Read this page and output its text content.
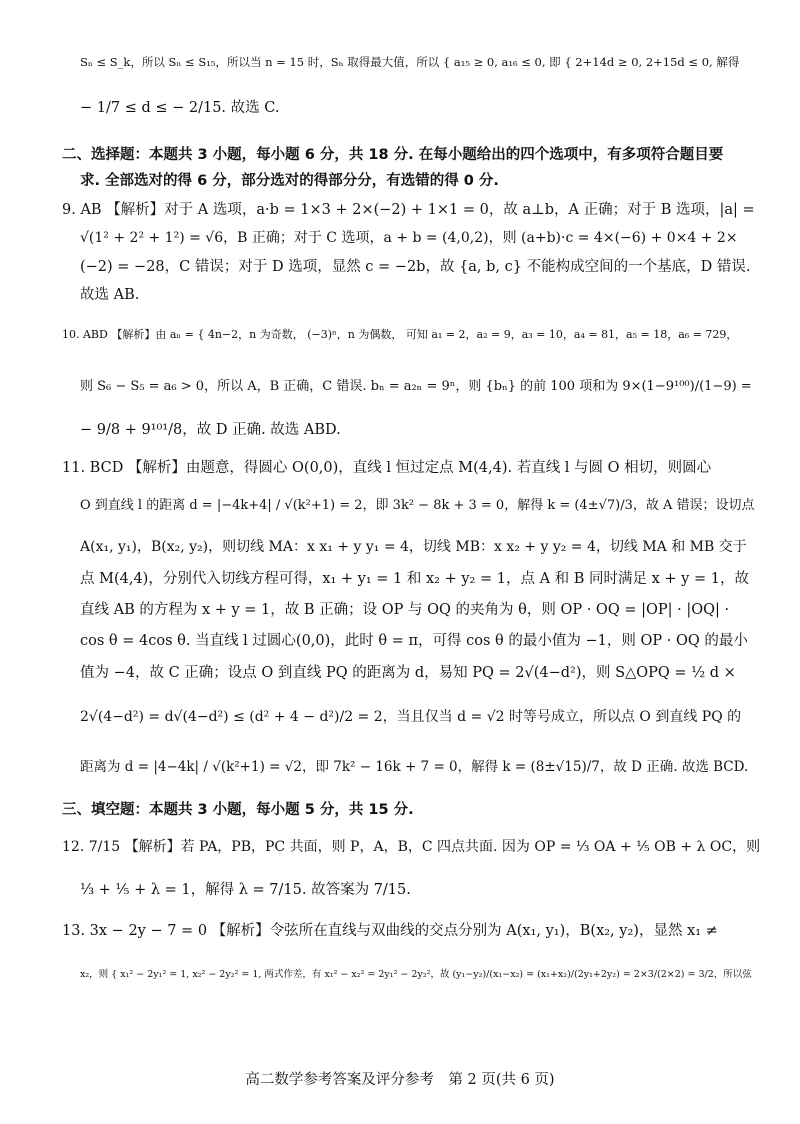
Sₙ ≤ S_k，所以 Sₙ ≤ S₁₅，所以当 n = 15 时，Sₙ 取得最大值，所以 { a₁₅ ≥ 0, a₁₆ ≤ 0, 即 { 2+14d ≥ 0, 2+15d ≤ 0, 解得
− 1/7 ≤ d ≤ − 2/15. 故选 C.
二、选择题：本题共 3 小题，每小题 6 分，共 18 分. 在每小题给出的四个选项中，有多项符合题目要
求. 全部选对的得 6 分，部分选对的得部分分，有选错的得 0 分.
9. AB 【解析】对于 A 选项，a·b = 1×3 + 2×(−2) + 1×1 = 0，故 a⊥b，A 正确；对于 B 选项，|a| =
√(1² + 2² + 1²) = √6，B 正确；对于 C 选项，a + b = (4,0,2)，则 (a+b)·c = 4×(−6) + 0×4 + 2×
(−2) = −28，C 错误；对于 D 选项，显然 c = −2b，故 {a, b, c} 不能构成空间的一个基底，D 错误.
故选 AB.
10. ABD 【解析】由 aₙ = { 4n−2，n 为奇数， (−3)ⁿ，n 为偶数， 可知 a₁ = 2，a₂ = 9，a₃ = 10，a₄ = 81，a₅ = 18，a₆ = 729，
则 S₆ − S₅ = a₆ > 0，所以 A，B 正确，C 错误. bₙ = a₂ₙ = 9ⁿ，则 {bₙ} 的前 100 项和为 9×(1−9¹⁰⁰)/(1−9) =
− 9/8 + 9¹⁰¹/8，故 D 正确. 故选 ABD.
11. BCD 【解析】由题意，得圆心 O(0,0)，直线 l 恒过定点 M(4,4). 若直线 l 与圆 O 相切，则圆心
O 到直线 l 的距离 d = |−4k+4| / √(k²+1) = 2，即 3k² − 8k + 3 = 0，解得 k = (4±√7)/3，故 A 错误；设切点
A(x₁, y₁)，B(x₂, y₂)，则切线 MA：x x₁ + y y₁ = 4，切线 MB：x x₂ + y y₂ = 4，切线 MA 和 MB 交于
点 M(4,4)，分别代入切线方程可得，x₁ + y₁ = 1 和 x₂ + y₂ = 1，点 A 和 B 同时满足 x + y = 1，故
直线 AB 的方程为 x + y = 1，故 B 正确；设 OP 与 OQ 的夹角为 θ，则 OP · OQ = |OP| · |OQ| ·
cos θ = 4cos θ. 当直线 l 过圆心(0,0)，此时 θ = π，可得 cos θ 的最小值为 −1，则 OP · OQ 的最小
值为 −4，故 C 正确；设点 O 到直线 PQ 的距离为 d，易知 PQ = 2√(4−d²)，则 S△OPQ = ½ d ×
2√(4−d²) = d√(4−d²) ≤ (d² + 4 − d²)/2 = 2，当且仅当 d = √2 时等号成立，所以点 O 到直线 PQ 的
距离为 d = |4−4k| / √(k²+1) = √2，即 7k² − 16k + 7 = 0，解得 k = (8±√15)/7，故 D 正确. 故选 BCD.
三、填空题：本题共 3 小题，每小题 5 分，共 15 分.
12. 7/15 【解析】若 PA，PB，PC 共面，则 P，A，B，C 四点共面. 因为 OP = ⅓ OA + ⅕ OB + λ OC，则
⅓ + ⅕ + λ = 1，解得 λ = 7/15. 故答案为 7/15.
13. 3x − 2y − 7 = 0 【解析】令弦所在直线与双曲线的交点分别为 A(x₁, y₁)，B(x₂, y₂)，显然 x₁ ≠
x₂，则 { x₁² − 2y₁² = 1, x₂² − 2y₂² = 1, 两式作差，有 x₁² − x₂² = 2y₁² − 2y₂²，故 (y₁−y₂)/(x₁−x₂) = (x₁+x₂)/(2y₁+2y₂) = 2×3/(2×2) = 3/2，所以弦
高二数学参考答案及评分参考　第 2 页(共 6 页)
